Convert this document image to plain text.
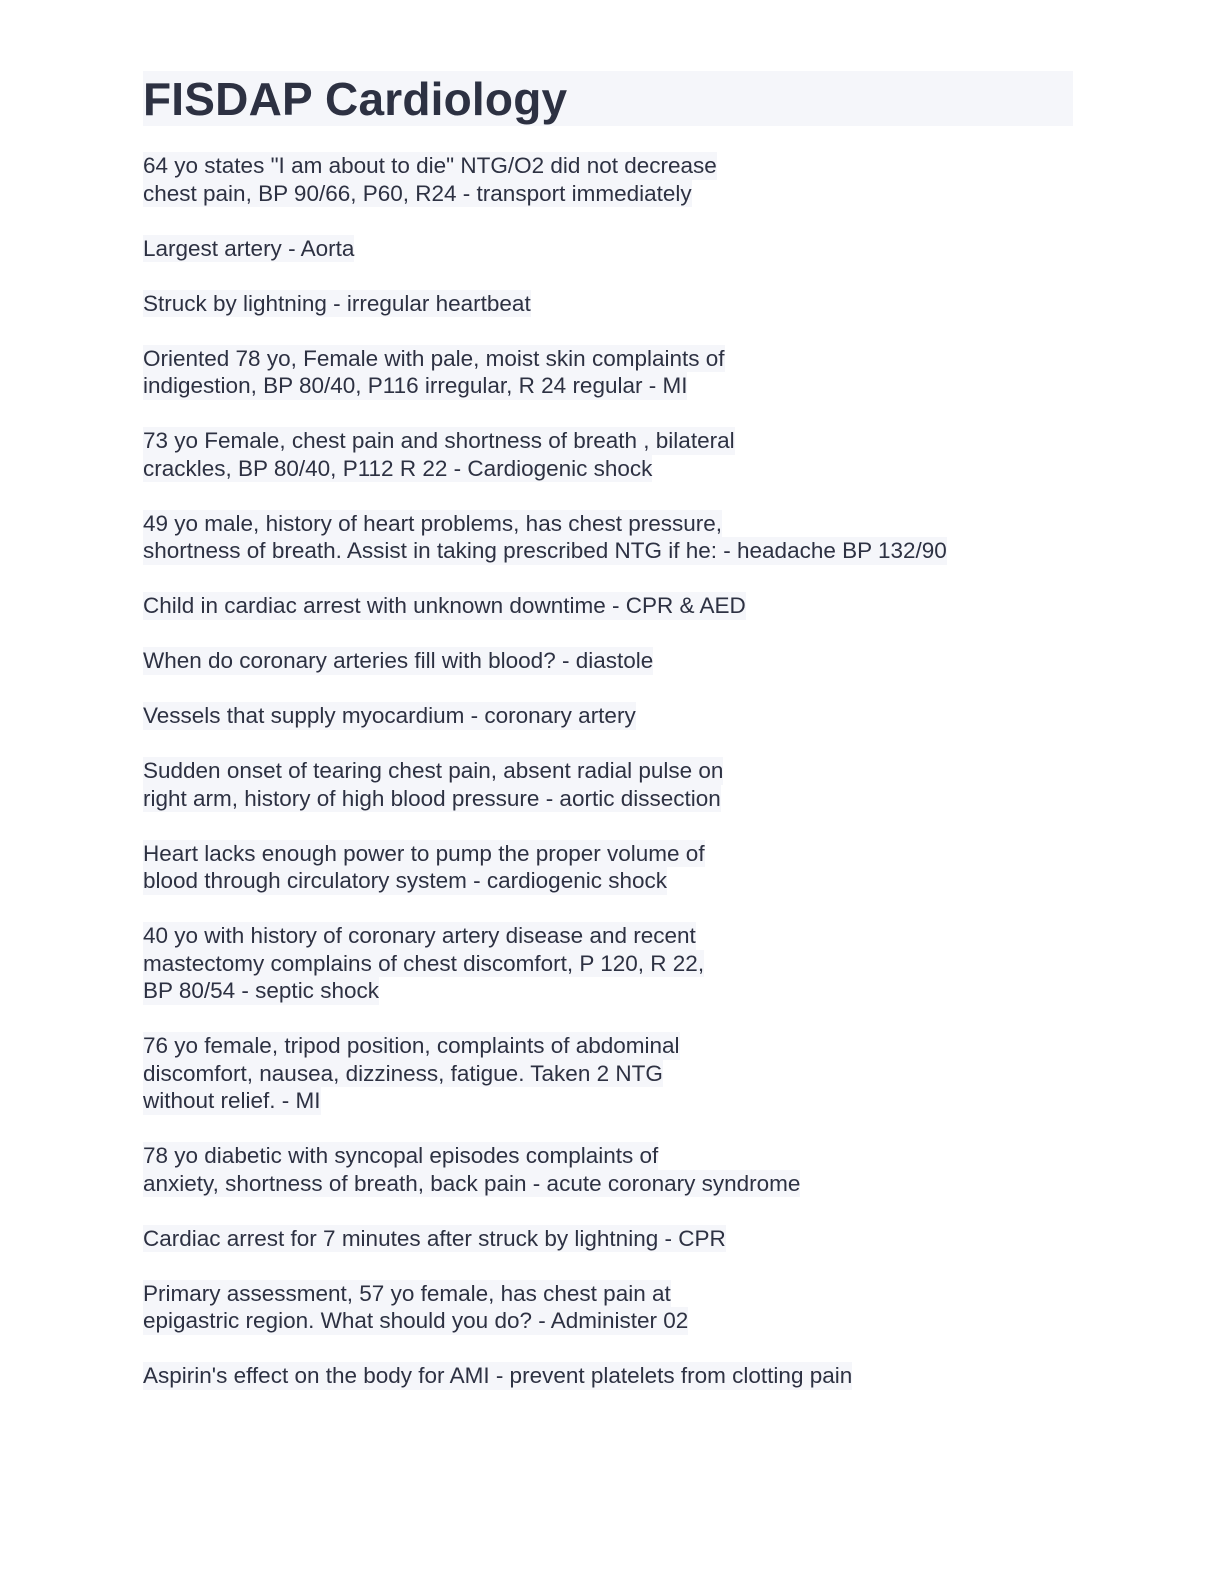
FISDAP Cardiology
64 yo states "I am about to die" NTG/O2 did not decrease
chest pain, BP 90/66, P60, R24 - transport immediately
Largest artery - Aorta
Struck by lightning - irregular heartbeat
Oriented 78 yo, Female with pale, moist skin complaints of
indigestion, BP 80/40, P116 irregular, R 24 regular - MI
73 yo Female, chest pain and shortness of breath , bilateral
crackles, BP 80/40, P112 R 22 - Cardiogenic shock
49 yo male, history of heart problems, has chest pressure,
shortness of breath. Assist in taking prescribed NTG if he: - headache BP 132/90
Child in cardiac arrest with unknown downtime - CPR & AED
When do coronary arteries fill with blood? - diastole
Vessels that supply myocardium - coronary artery
Sudden onset of tearing chest pain, absent radial pulse on
right arm, history of high blood pressure - aortic dissection
Heart lacks enough power to pump the proper volume of
blood through circulatory system - cardiogenic shock
40 yo with history of coronary artery disease and recent
mastectomy complains of chest discomfort, P 120, R 22,
BP 80/54 - septic shock
76 yo female, tripod position, complaints of abdominal
discomfort, nausea, dizziness, fatigue. Taken 2 NTG
without relief. - MI
78 yo diabetic with syncopal episodes complaints of
anxiety, shortness of breath, back pain - acute coronary syndrome
Cardiac arrest for 7 minutes after struck by lightning - CPR
Primary assessment, 57 yo female, has chest pain at
epigastric region. What should you do? - Administer 02
Aspirin's effect on the body for AMI - prevent platelets from clotting pain
